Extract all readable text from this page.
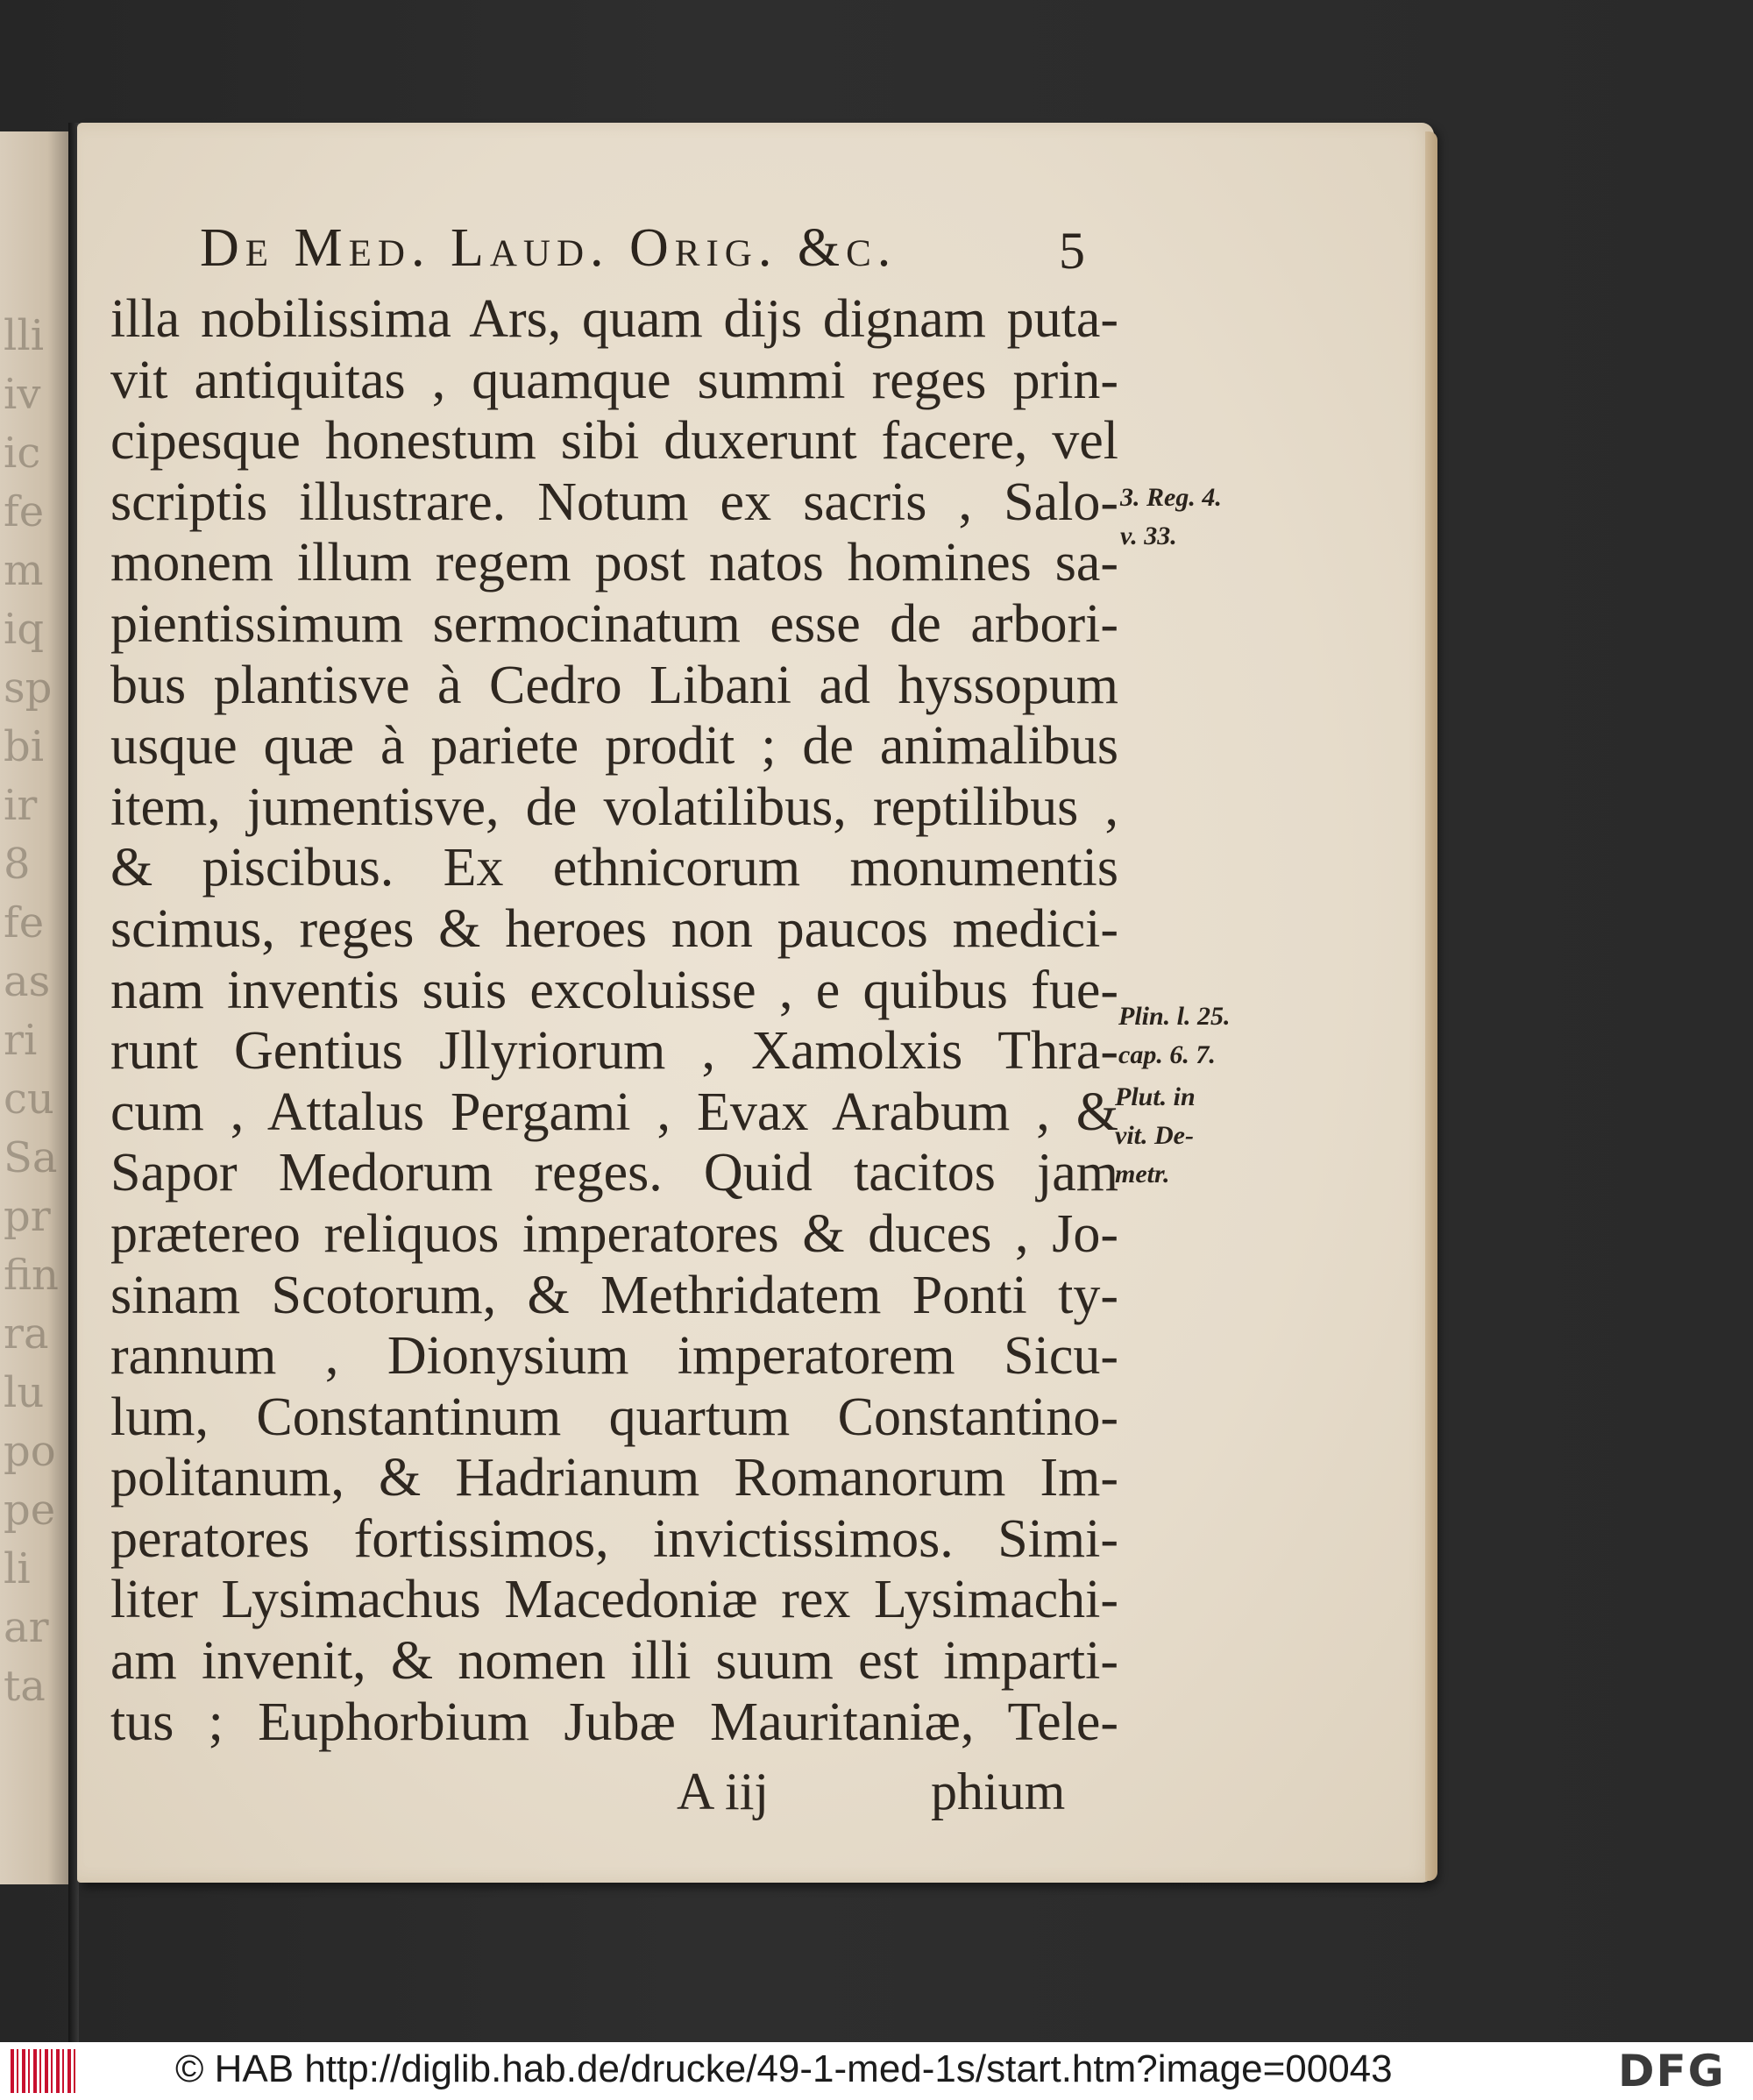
lli
iv
ic
fe
m
iq
sp
bi
ir
8
fe
as
ri
cu
Sa
pr
fin
ra
lu
po
pe
li
ar
ta
De Med. Laud. Orig. &c.	5
illa nobilissima Ars, quam dijs dignam puta-
vit antiquitas , quamque summi reges prin-
cipesque honestum sibi duxerunt facere, vel
scriptis illustrare. Notum ex sacris , Salo-
monem illum regem post natos homines sa-
pientissimum sermocinatum esse de arbori-
bus plantisve à Cedro Libani ad hyssopum
usque quæ à pariete prodit ; de animalibus
item, jumentisve, de volatilibus, reptilibus ,
& piscibus. Ex ethnicorum monumentis
scimus, reges & heroes non paucos medici-
nam inventis suis excoluisse , e quibus fue-
runt Gentius Jllyriorum , Xamolxis Thra-
cum , Attalus Pergami , Evax Arabum , &
Sapor Medorum reges. Quid tacitos jam
prætereo reliquos imperatores & duces , Jo-
sinam Scotorum, & Methridatem Ponti ty-
rannum , Dionysium imperatorem Sicu-
lum, Constantinum quartum Constantino-
politanum, & Hadrianum Romanorum Im-
peratores fortissimos, invictissimos. Simi-
liter Lysimachus Macedoniæ rex Lysimachi-
am invenit, & nomen illi suum est imparti-
tus ; Euphorbium Jubæ Mauritaniæ, Tele-
3. Reg. 4.
v. 33.
Plin. l. 25.
cap. 6. 7.
Plut. in
vit. De-
metr.
A iij	phium
© HAB http://diglib.hab.de/drucke/49-1-med-1s/start.htm?image=00043	DFG
